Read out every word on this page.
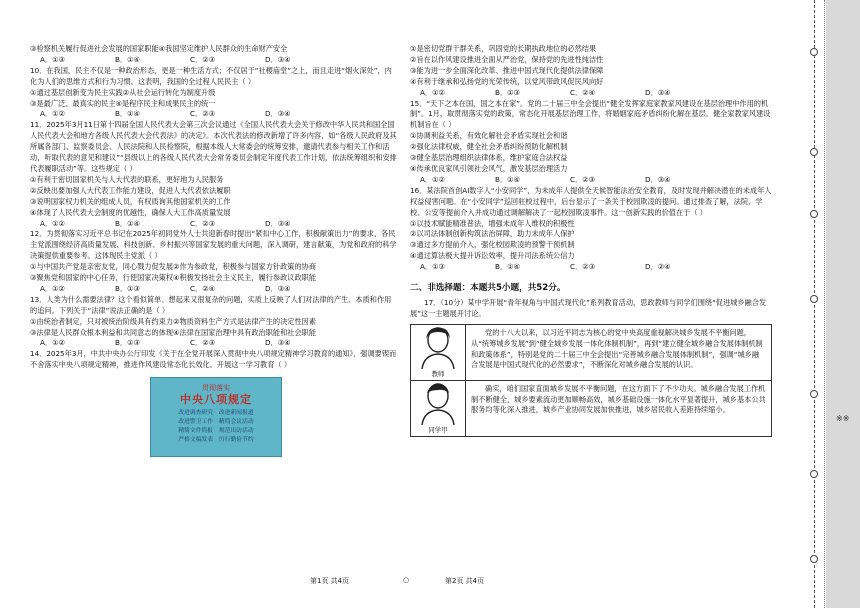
③检察机关履行促进社会发展的国家职能④我国坚定维护人民群众的生命财产安全

A．①③	B．①④	C．②③	D．③④

10．在我国，民主不仅是一种政治形态，更是一种生活方式；不仅居于“社稷庙堂”之上，而且走进“烟火深处”，内化为人们的思维方式和行为习惯。这表明，我国的全过程人民民主（ ）

①通过基层创新变为民主实践②从社会运行转化为制度升级

③是最广泛、最真实的民主④是程序民主和成果民主的统一

A．①②	B．①④	C．②③	D．③④

11．2025年3月11日第十四届全国人民代表大会第三次会议通过《全国人民代表大会关于修改中华人民共和国全国人民代表大会和地方各级人民代表大会代表法》的决定》。本次代表法的修改新增了许多内容，如“各级人民政府及其所属各部门、监察委员会、人民法院和人民检察院，根据本级人大常委会的统筹安排，邀请代表参与相关工作和活动，听取代表的意见和建议”“县级以上的各级人民代表大会常务委员会制定年度代表工作计划，依法统筹组织和安排代表履职活动”等。这些规定（ ）

①有利于密切国家机关与人大代表的联系，更好地为人民服务

②反映出要加强人大代表工作能力建设，促进人大代表依法履职

③说明国家权力机关的组成人员，有权质询其他国家机关的工作

④体现了人民代表大会制度的优越性，确保人大工作高质量发展

A．①②	B．①④	C．②③	D．③④

12．为贯彻落实习近平总书记在2025年初同党外人士共迎新春时提出“紧扣中心工作，积极献策出力”的要求，各民主党派围绕经济高质量发展、科技创新、乡村振兴等国家发展的重大问题，深入调研，建言献策，为党和政府的科学决策提供重要参考。这体现民主党派（ ）

①与中国共产党是亲密友党，同心戮力促发展②作为参政党，积极参与国家方针政策的协商

③聚焦党和国家的中心任务，行使国家决策权④积极发扬社会主义民主，履行参政议政职能

A．①②	B．①③	C．②④	D．③④

13．人类为什么需要法律？这个看似简单、想起来又很复杂的问题，实质上反映了人们对法律的产生、本质和作用的追问。下列关于“法律”说法正确的是（ ）

①由统治者制定，只对被统治阶级具有约束力②物质资料生产方式是法律产生的决定性因素

③法律是人民群众根本利益和共同意志的体现④法律在国家治理中具有政治职能和社会职能

A．①②	B．①③	C．②③	D．③④

14．2025年3月，中共中央办公厅印发《关于在全党开展深入贯彻中央八项规定精神学习教育的通知》，强调要锲而不舍落实中央八项规定精神，推进作风建设常态化长效化。开展这一学习教育（ ）

贯彻落实
中央八项规定
改进调查研究　改进新闻报道
改进警卫工作　精简会议活动
精简文件简报　规范出访活动
严格文稿发表　厉行勤俭节约

①是密切党群干群关系，巩固党的长期执政地位的必然结果

②旨在以作风建设推进全面从严治党，保持党的先进性纯洁性

③能为进一步全面深化改革、推进中国式现代化提供法律保障

④有利于继承和弘扬党的光荣传统，以党风带政风促民风向好

A．①②	B．①③	C．②④	D．③④

15．“天下之本在国，国之本在家”。党的二十届三中全会提出“健全发挥家庭家教家风建设在基层治理中作用的机制”。1月，取贯彻落实党的政策，常态化开展基层治理工作，将婚姻家庭矛盾纠纷化解在基层。健全家教家风建设机制旨在（ ）

①协调利益关系，有效化解社会矛盾实现社会和谐

②强化法律权威，健全社会矛盾纠纷预防化解机制

③健全基层治理组织法律体系，维护家庭合法权益

④传承优良家风引领社会风气，激发基层治理活力

A．①②	B．①④	C．②③	D．③④

16．某法院首创AI数字人“小安同学”，为未成年人提供全天候智能法治安全教育，及时发现并解决潜在的未成年人权益侵害问题。在“小安同学”巡回驻校过程中，后台显示了一条关于校园欺凌的提问。通过排查了解，法院、学校、公安等提前介入并成功通过调解解决了一起校园欺凌事件。这一创新实践的价值在于（ ）

①以技术赋能精准普法，增强未成年人维权的积极性

②以司法体制创新构筑法治屏障，助力未成年人保护

③通过多方提前介入，强化校园欺凌的预警干预机制

④通过算法极大提升诉讼效率，提升司法系统公信力

A．①③	B．①④	C．②③	D．②④
二、非选择题：本题共5小题，共52分。

17．（10分）某中学开展“青年视角与中国式现代化”系列教育活动，思政教师与同学们围绕“促进城乡融合发展”这一主题展开讨论。

教师
党的十八大以来，以习近平同志为核心的党中央高度重视解决城乡发展不平衡问题，从“统筹城乡发展”到“健全城乡发展一体化体制机制”，再到“建立健全城乡融合发展体制机制和政策体系”，特别是党的二十届三中全会提出“完善城乡融合发展体制机制”，强调“城乡融合发展是中国式现代化的必然要求”，不断深化对城乡融合发展的认识。
同学甲
确实，咱们国家直面城乡发展不平衡问题，在这方面下了不少功夫。城乡融合发展工作机制不断健全，城乡要素流动更加顺畅高效，城乡基础设施一体化水平显著提升，城乡基本公共服务均等化深入推进，城乡产业协同发展加快推进，城乡居民收入差距持续缩小。
第1页 共4页	○	第2页 共4页
※※
